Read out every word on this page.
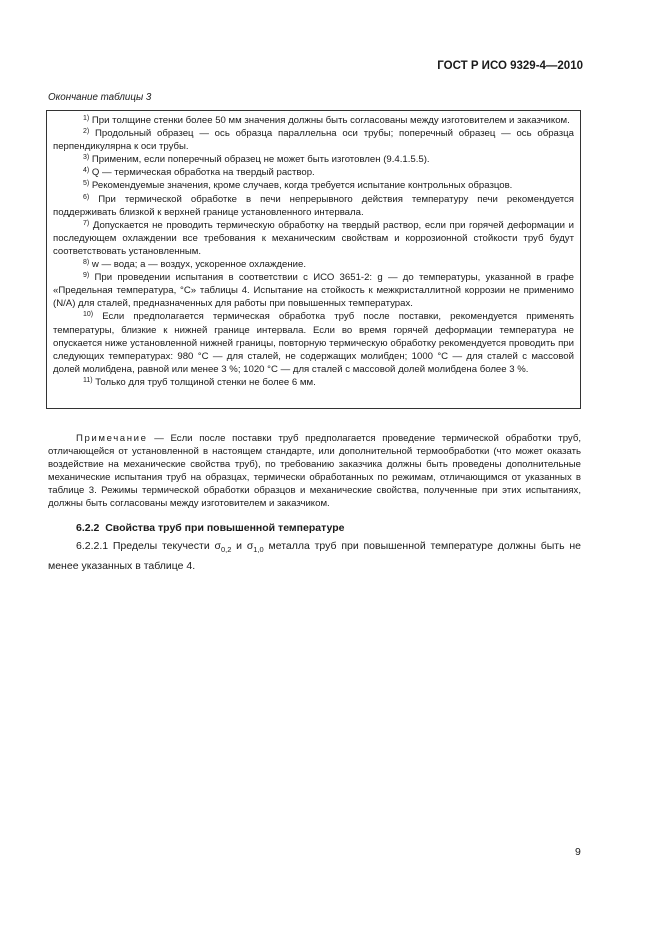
ГОСТ Р ИСО 9329-4—2010
Окончание таблицы 3

$^{1)}$ При толщине стенки более 50 мм значения должны быть согласованы между изготовителем и заказчиком.

$^{2)}$ Продольный образец — ось образца параллельна оси трубы; поперечный образец — ось образца перпендикулярна к оси трубы.

$^{3)}$ Применим, если поперечный образец не может быть изготовлен (9.4.1.5.5).

$^{4)}$ Q — термическая обработка на твердый раствор.

$^{5)}$ Рекомендуемые значения, кроме случаев, когда требуется испытание контрольных образцов.

$^{6)}$ При термической обработке в печи непрерывного действия температуру печи рекомендуется поддерживать близкой к верхней границе установленного интервала.

$^{7)}$ Допускается не проводить термическую обработку на твердый раствор, если при горячей деформации и последующем охлаждении все требования к механическим свойствам и коррозионной стойкости труб будут соответствовать установленным.

$^{8)}$ w — вода; a — воздух, ускоренное охлаждение.

$^{9)}$ При проведении испытания в соответствии с ИСО 3651-2: g — до температуры, указанной в графе «Предельная температура, °C» таблицы 4. Испытание на стойкость к межкристаллитной коррозии не применимо (N/A) для сталей, предназначенных для работы при повышенных температурах.

$^{10)}$ Если предполагается термическая обработка труб после поставки, рекомендуется применять температуры, близкие к нижней границе интервала. Если во время горячей деформации температура не опускается ниже установленной нижней границы, повторную термическую обработку рекомендуется проводить при следующих температурах: 980 °C — для сталей, не содержащих молибден; 1000 °C — для сталей с массовой долей молибдена, равной или менее 3 %; 1020 °C — для сталей с массовой долей молибдена более 3 %.

$^{11)}$ Только для труб толщиной стенки не более 6 мм.

Примечание — Если после поставки труб предполагается проведение термической обработки труб, отличающейся от установленной в настоящем стандарте, или дополнительной термообработки (что может оказать воздействие на механические свойства труб), по требованию заказчика должны быть проведены дополнительные механические испытания труб на образцах, термически обработанных по режимам, отличающимся от указанных в таблице 3. Режимы термической обработки образцов и механические свойства, полученные при этих испытаниях, должны быть согласованы между изготовителем и заказчиком.
6.2.2 Свойства труб при повышенной температуре
6.2.2.1 Пределы текучести $\sigma_{0,2}$ и $\sigma_{1,0}$ металла труб при повышенной температуре должны быть не менее указанных в таблице 4.
9
